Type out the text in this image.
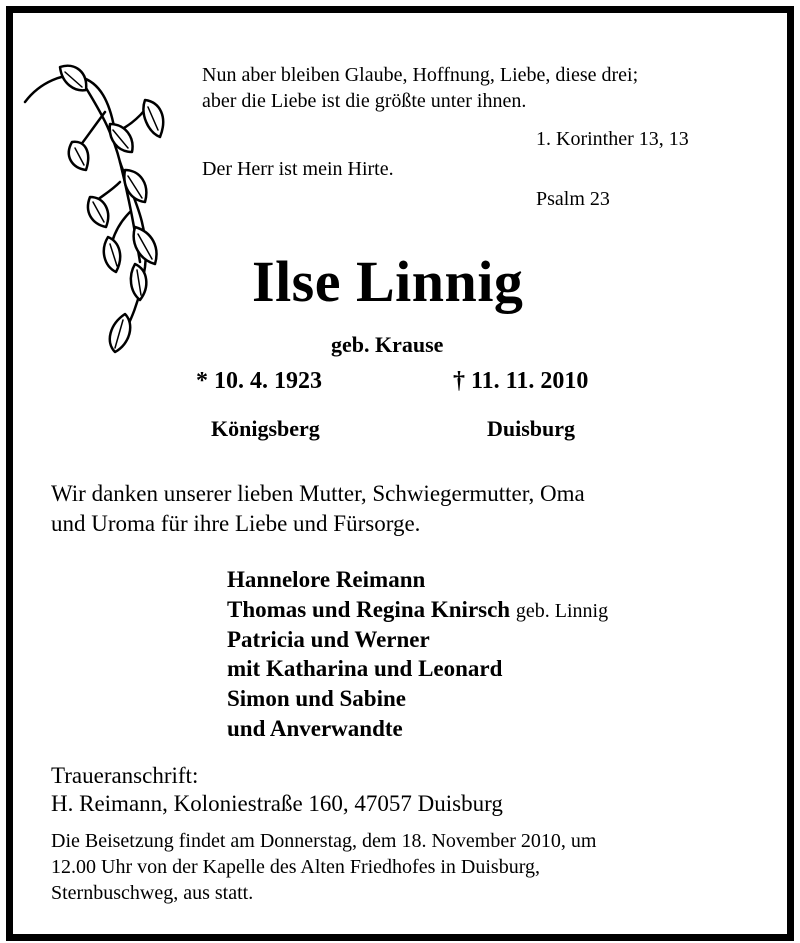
Nun aber bleiben Glaube, Hoffnung, Liebe, diese drei;
aber die Liebe ist die größte unter ihnen.
1. Korinther 13, 13
Der Herr ist mein Hirte.
Psalm 23
Ilse Linnig
geb. Krause
* 10. 4. 1923	† 11. 11. 2010
Königsberg	Duisburg
Wir danken unserer lieben Mutter, Schwiegermutter, Oma
und Uroma für ihre Liebe und Fürsorge.
Hannelore Reimann
Thomas und Regina Knirsch geb. Linnig
Patricia und Werner
mit Katharina und Leonard
Simon und Sabine
und Anverwandte
Traueranschrift:
H. Reimann, Koloniestraße 160, 47057 Duisburg
Die Beisetzung findet am Donnerstag, dem 18. November 2010, um
12.00 Uhr von der Kapelle des Alten Friedhofes in Duisburg,
Sternbuschweg, aus statt.
